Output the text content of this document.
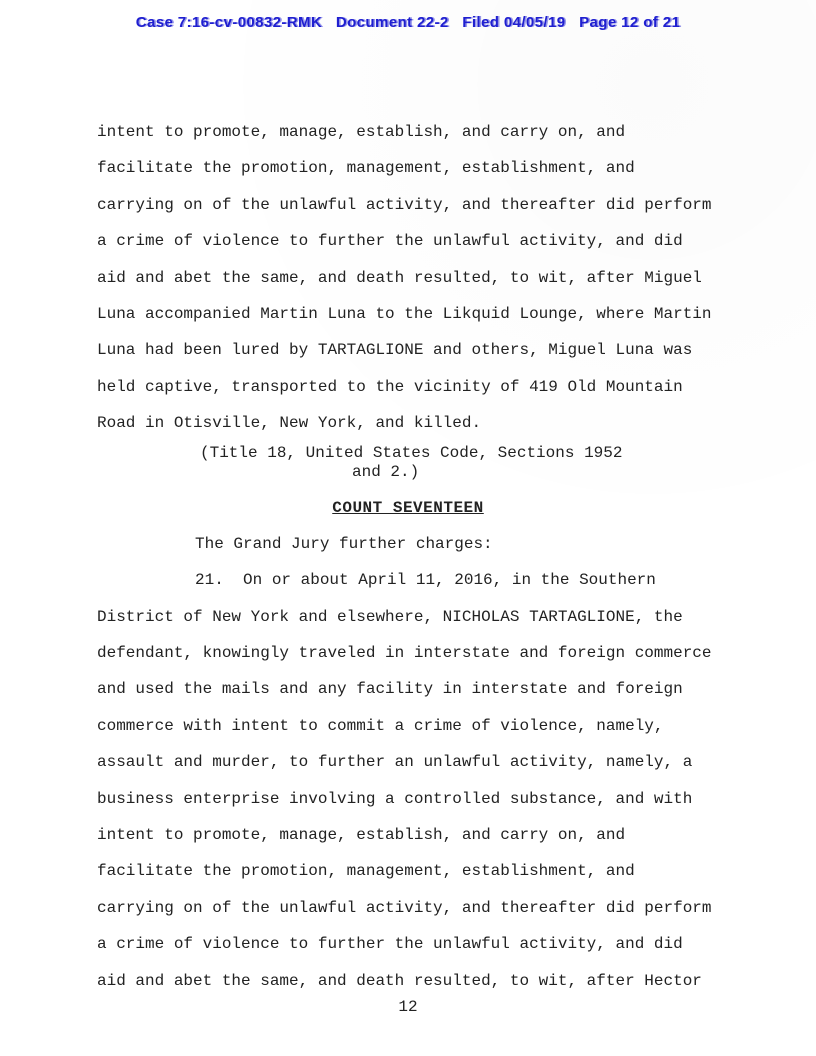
Case 7:16-cv-00832-RMK   Document 22-2   Filed 04/05/19   Page 12 of 21
intent to promote, manage, establish, and carry on, and
facilitate the promotion, management, establishment, and
carrying on of the unlawful activity, and thereafter did perform
a crime of violence to further the unlawful activity, and did
aid and abet the same, and death resulted, to wit, after Miguel
Luna accompanied Martin Luna to the Likquid Lounge, where Martin
Luna had been lured by TARTAGLIONE and others, Miguel Luna was
held captive, transported to the vicinity of 419 Old Mountain
Road in Otisville, New York, and killed.
(Title 18, United States Code, Sections 1952
and 2.)
COUNT SEVENTEEN
The Grand Jury further charges:
21.  On or about April 11, 2016, in the Southern
District of New York and elsewhere, NICHOLAS TARTAGLIONE, the
defendant, knowingly traveled in interstate and foreign commerce
and used the mails and any facility in interstate and foreign
commerce with intent to commit a crime of violence, namely,
assault and murder, to further an unlawful activity, namely, a
business enterprise involving a controlled substance, and with
intent to promote, manage, establish, and carry on, and
facilitate the promotion, management, establishment, and
carrying on of the unlawful activity, and thereafter did perform
a crime of violence to further the unlawful activity, and did
aid and abet the same, and death resulted, to wit, after Hector
12
